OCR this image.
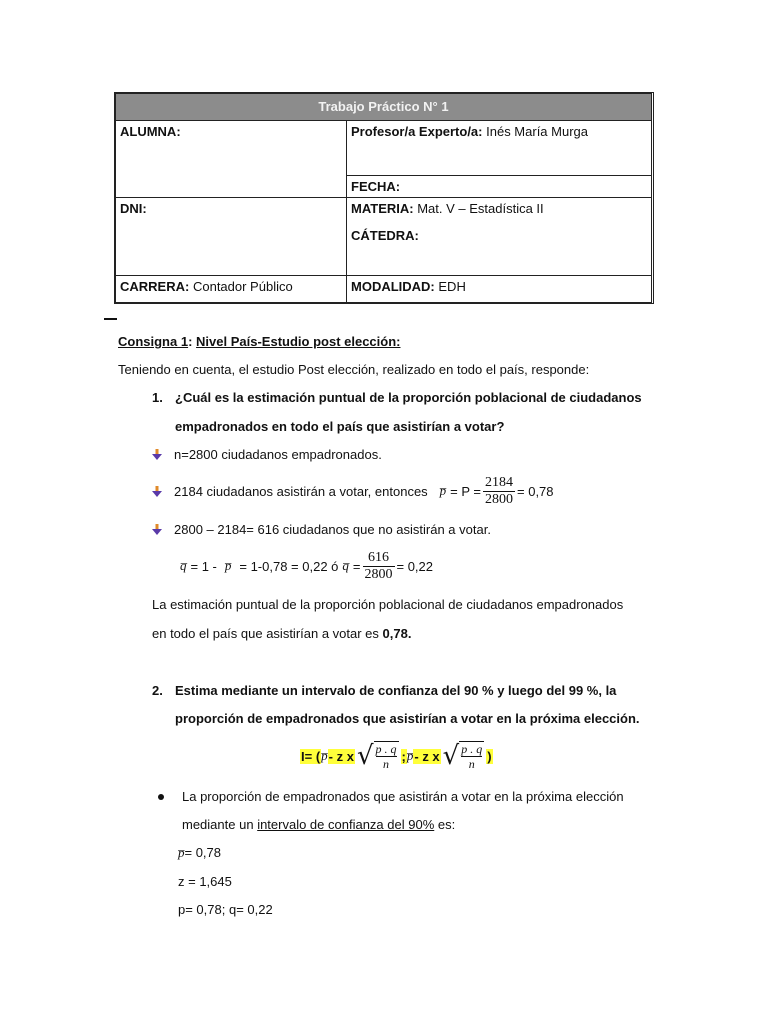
Trabajo Práctico N° 1
ALUMNA:	Profesor/a Experto/a: Inés María Murga
FECHA:
DNI:	MATERIA: Mat. V – Estadística II
CÁTEDRA:
CARRERA: Contador Público	MODALIDAD: EDH
Consigna 1: Nivel País-Estudio post elección:
Teniendo en cuenta, el estudio Post elección, realizado en todo el país, responde:
1. ¿Cuál es la estimación puntual de la proporción poblacional de ciudadanos
empadronados en todo el país que asistirían a votar?
n=2800 ciudadanos empadronados.
2184 ciudadanos asistirán a votar, entonces p̅ = $P = \frac{2184}{2800} = 0,78$
2800 – 2184= 616 ciudadanos que no asistirán a votar.
q̅ = 1 - p̅ = 1-0,78 = 0,22 ó q̅ = $\frac{616}{2800} = 0,22$
La estimación puntual de la proporción poblacional de ciudadanos empadronados
en todo el país que asistirían a votar es 0,78.
2. Estima mediante un intervalo de confianza del 90 % y luego del 99 %, la
proporción de empadronados que asistirían a votar en la próxima elección.
I= ( p̅ - z x √ p . q
n
; p̅ - z x √ p . q
n
)
La proporción de empadronados que asistirán a votar en la próxima elección
mediante un intervalo de confianza del 90% es:
p̅= 0,78
z = 1,645
p= 0,78; q= 0,22
